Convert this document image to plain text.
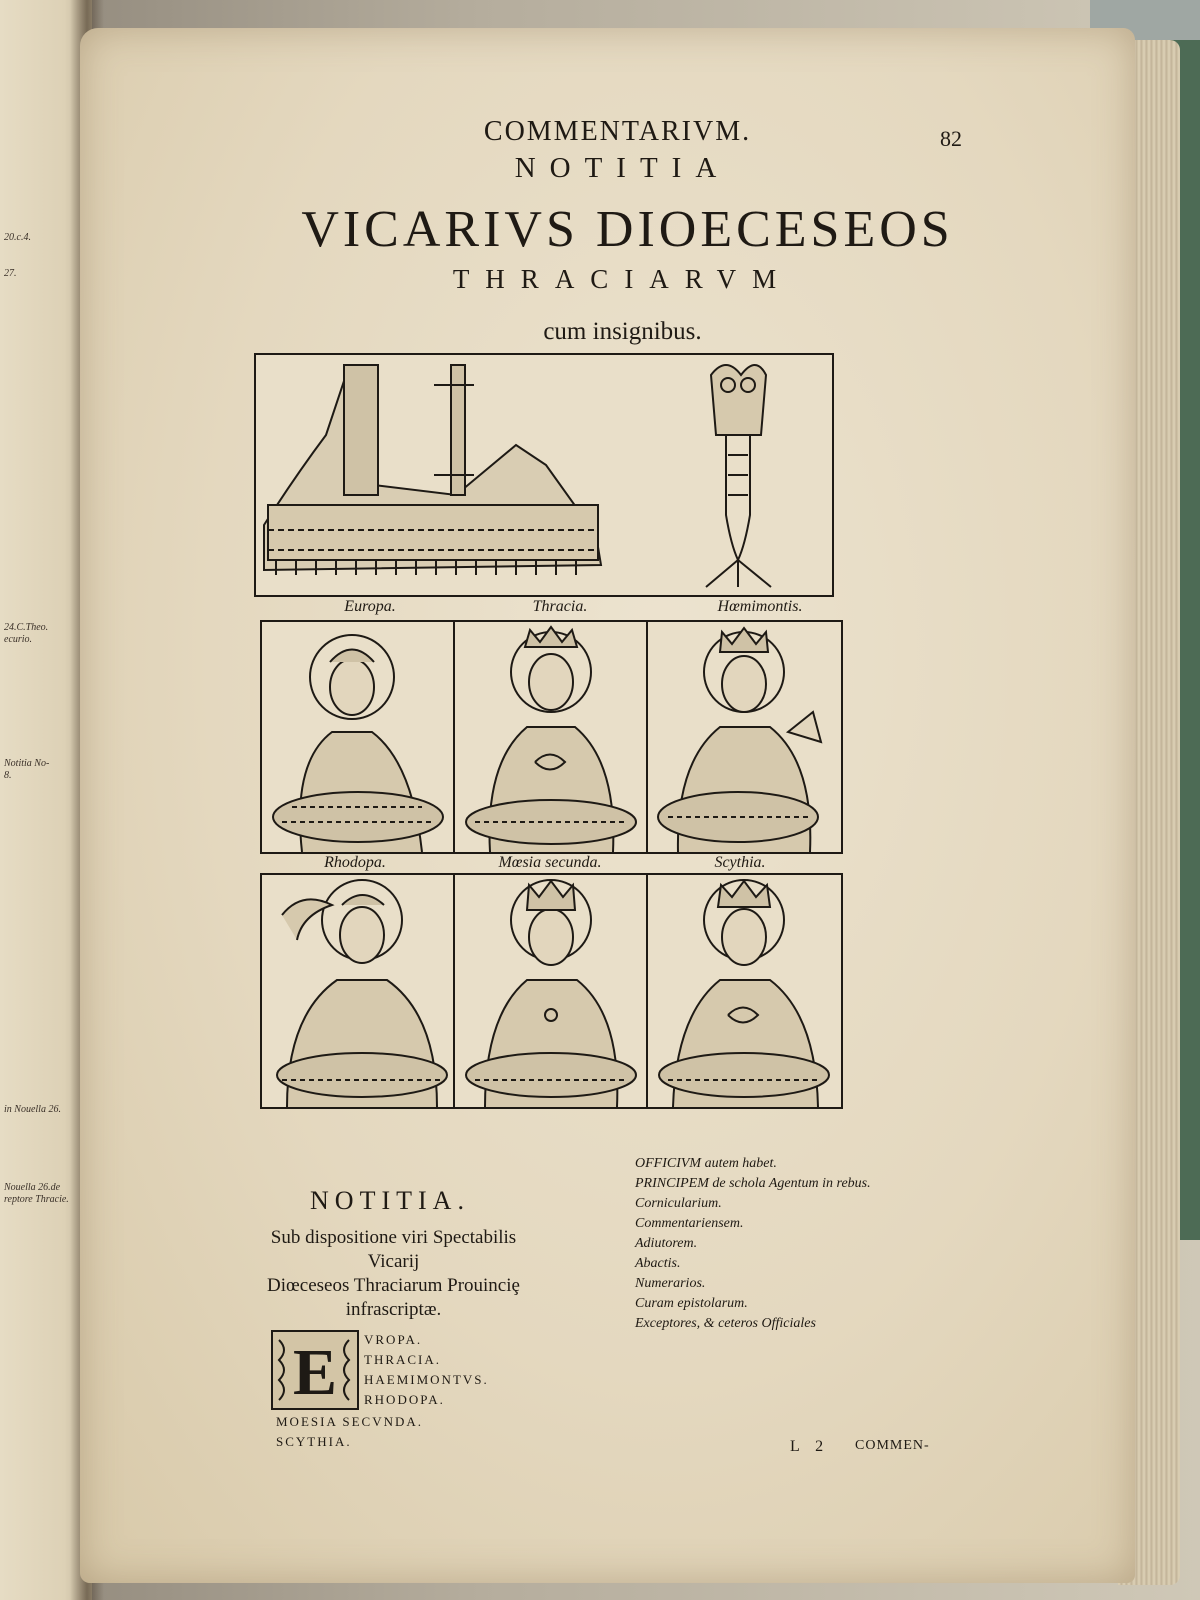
20.c.4.
27.
24.C.Theo.
ecurio.
Notitia No-
8.
in Nouella 26.
Nouella 26.de
reptore Thracie.
COMMENTARIVM.	82
NOTITIA
VICARIVS DIOECESEOS
THRACIARVM
cum insignibus.
Europa.	Thracia.	Hœmimontis.
Rhodopa.	Mœsia secunda.	Scythia.
NOTITIA.
Sub dispositione viri Spectabilis Vicarij
Diœceseos Thraciarum Prouinciȩ
infrascriptæ.
E VROPA.
THRACIA.
HAEMIMONTVS.
RHODOPA.
MOESIA SECVNDA.
SCYTHIA.
OFFICIVM autem habet.
PRINCIPEM de schola Agentum in rebus.
Cornicularium.
Commentariensem.
Adiutorem.
Abactis.
Numerarios.
Curam epistolarum.
Exceptores, & ceteros Officiales
L 2 COMMEN-
